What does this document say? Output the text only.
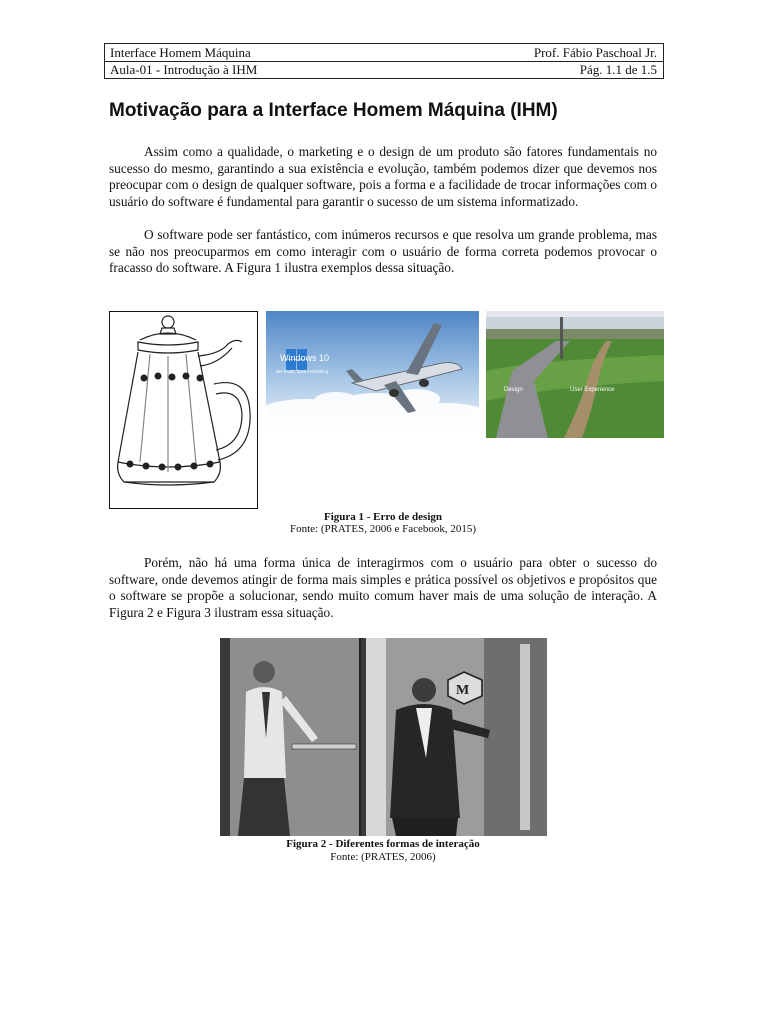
Interface Homem Máquina	Prof. Fábio Paschoal Jr.
Aula-01 - Introdução à IHM	Pág. 1.1 de 1.5
Motivação para a Interface Homem Máquina (IHM)

Assim como a qualidade, o marketing e o design de um produto são fatores fundamentais no sucesso do mesmo, garantindo a sua existência e evolução, também podemos dizer que devemos nos preocupar com o design de qualquer software, pois a forma e a facilidade de trocar informações com o usuário do software é fundamental para garantir o sucesso de um sistema informatizado.

O software pode ser fantástico, com inúmeros recursos e que resolva um grande problema, mas se não nos preocuparmos em como interagir com o usuário de forma correta podemos provocar o fracasso do software. A Figura 1 ilustra exemplos dessa situação.

Windows 10
We finally fixed everything
Design	User Experience

Figura 1 - Erro de design

Fonte: (PRATES, 2006 e Facebook, 2015)

Porém, não há uma forma única de interagirmos com o usuário para obter o sucesso do software, onde devemos atingir de forma mais simples e prática possível os objetivos e propósitos que o software se propõe a solucionar, sendo muito comum haver mais de uma solução de interação. A Figura 2 e Figura 3 ilustram essa situação.

M

Figura 2 - Diferentes formas de interação

Fonte: (PRATES, 2006)
